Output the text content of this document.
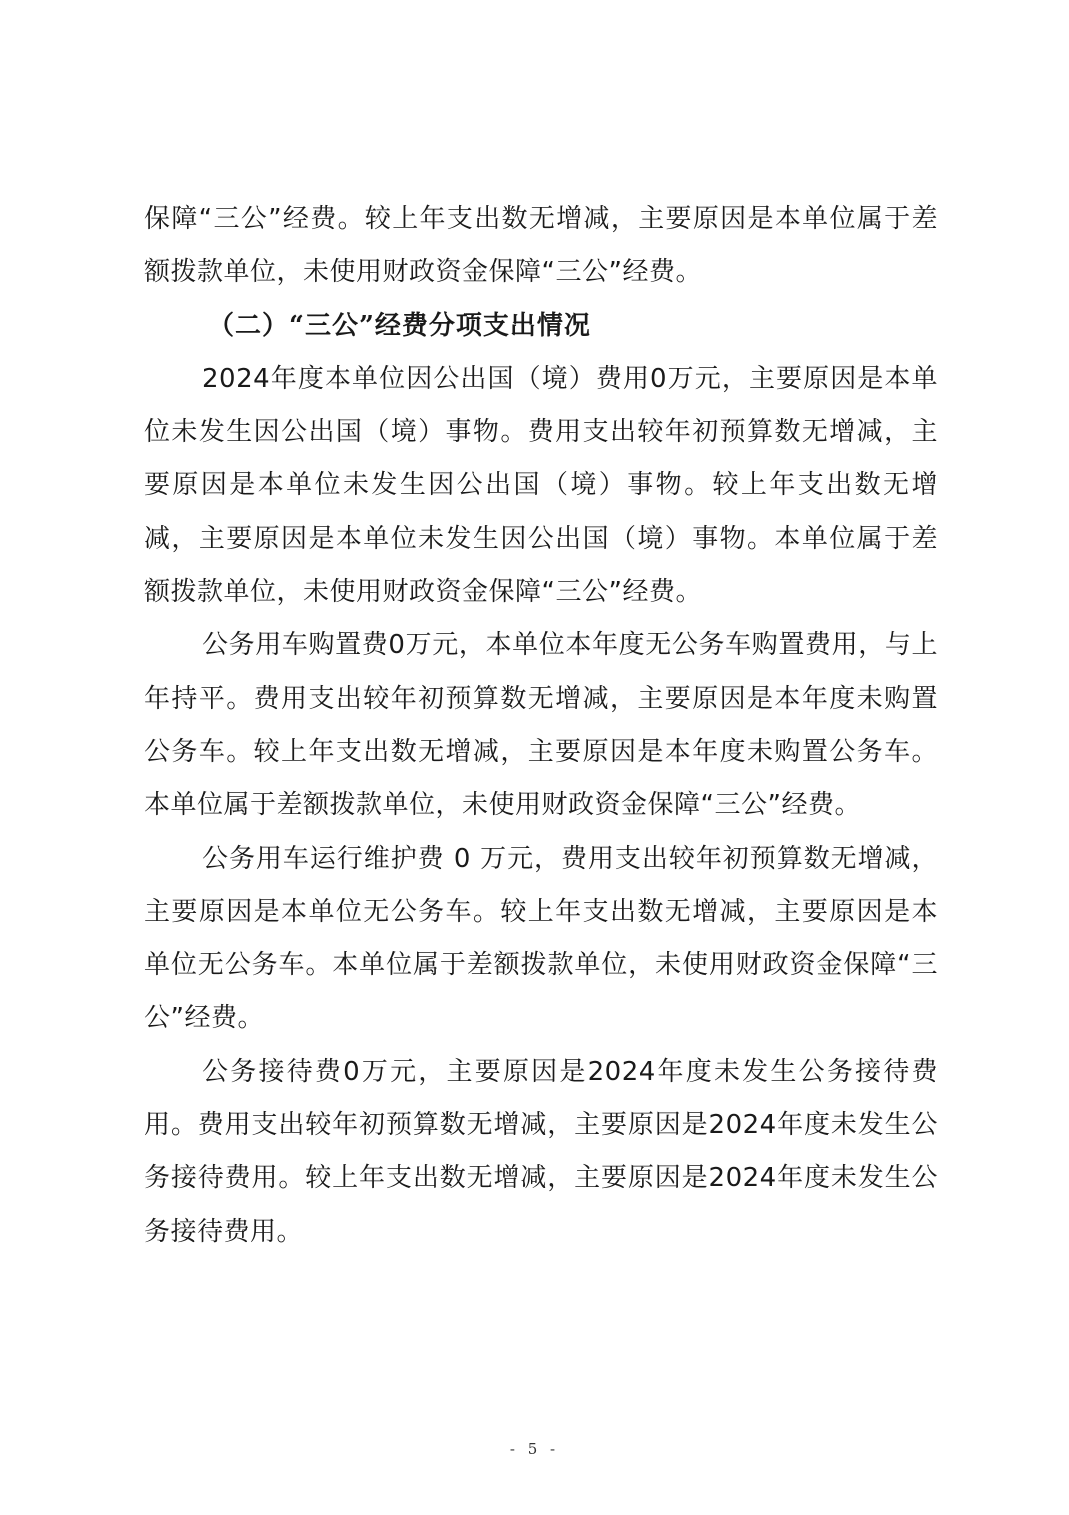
保障“三公”经费。较上年支出数无增减，主要原因是本单位属于差额拨款单位，未使用财政资金保障“三公”经费。

（二）“三公”经费分项支出情况

2024年度本单位因公出国（境）费用0万元，主要原因是本单位未发生因公出国（境）事物。费用支出较年初预算数无增减，主要原因是本单位未发生因公出国（境）事物。较上年支出数无增减，主要原因是本单位未发生因公出国（境）事物。本单位属于差额拨款单位，未使用财政资金保障“三公”经费。

公务用车购置费0万元，本单位本年度无公务车购置费用，与上年持平。费用支出较年初预算数无增减，主要原因是本年度未购置公务车。较上年支出数无增减，主要原因是本年度未购置公务车。本单位属于差额拨款单位，未使用财政资金保障“三公”经费。

公务用车运行维护费 0 万元，费用支出较年初预算数无增减，主要原因是本单位无公务车。较上年支出数无增减，主要原因是本单位无公务车。本单位属于差额拨款单位，未使用财政资金保障“三公”经费。

公务接待费0万元，主要原因是2024年度未发生公务接待费用。费用支出较年初预算数无增减，主要原因是2024年度未发生公务接待费用。较上年支出数无增减，主要原因是2024年度未发生公务接待费用。

- 5 -
